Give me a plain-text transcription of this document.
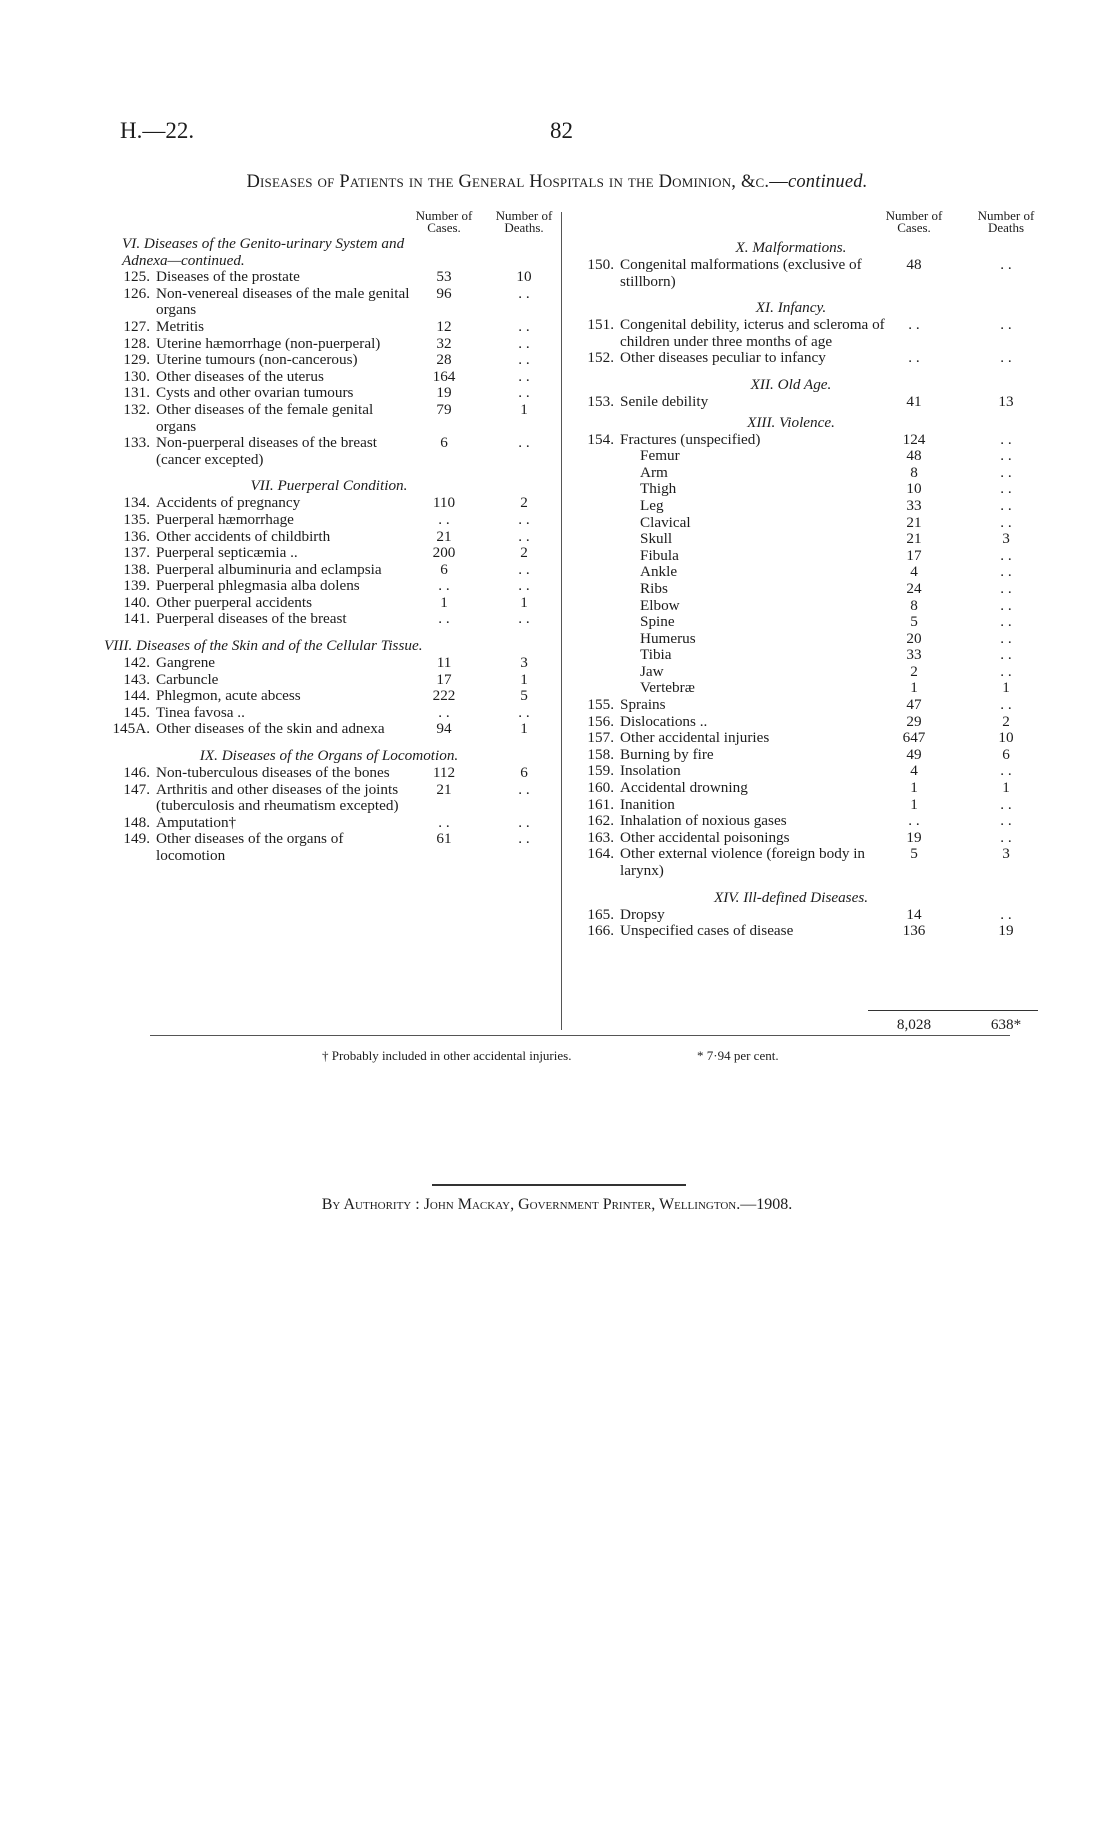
H.—22.	82
Diseases of Patients in the General Hospitals in the Dominion, &c.—continued.
Number of Cases.
Number of Deaths.
VI. Diseases of the Genito-urinary System and Adnexa—continued.
125. Diseases of the prostate	53	10
126. Non-venereal diseases of the male genital organs
96	. .
127. Metritis	12	. .
128. Uterine hæmorrhage (non-puerperal)	32	. .
129. Uterine tumours (non-cancerous)	28	. .
130. Other diseases of the uterus	164	. .
131. Cysts and other ovarian tumours	19	. .
132. Other diseases of the female genital organs
79	1
133. Non-puerperal diseases of the breast (cancer excepted)
6	. .
VII. Puerperal Condition.
134. Accidents of pregnancy	110	2
135. Puerperal hæmorrhage	. .	. .
136. Other accidents of childbirth	21	. .
137. Puerperal septicæmia ..	200	2
138. Puerperal albuminuria and eclampsia	6	. .
139. Puerperal phlegmasia alba dolens	. .	. .
140. Other puerperal accidents	1	1
141. Puerperal diseases of the breast	. .	. .
VIII. Diseases of the Skin and of the Cellular Tissue.
142. Gangrene	11	3
143. Carbuncle	17	1
144. Phlegmon, acute abcess	222	5
145. Tinea favosa ..	. .	. .
145A. Other diseases of the skin and adnexa	94	1
IX. Diseases of the Organs of Locomotion.
146. Non-tuberculous diseases of the bones	112	6
147. Arthritis and other diseases of the joints (tuberculosis and rheumatism excepted)
21	. .
148. Amputation†	. .	. .
149. Other diseases of the organs of locomotion
61	. .
Number of Cases.
Number of Deaths
X. Malformations.
150. Congenital malformations (exclusive of stillborn)
48	. .
XI. Infancy.
151. Congenital debility, icterus and scleroma of children under three months of age
. .	. .
152. Other diseases peculiar to infancy	. .	. .
XII. Old Age.
153. Senile debility	41	13
XIII. Violence.
154. Fractures (unspecified)	124	. .
Femur	48	. .
Arm	8	. .
Thigh	10	. .
Leg	33	. .
Clavical	21	. .
Skull	21	3
Fibula	17	. .
Ankle	4	. .
Ribs	24	. .
Elbow	8	. .
Spine	5	. .
Humerus	20	. .
Tibia	33	. .
Jaw	2	. .
Vertebræ	1	1
155. Sprains	47	. .
156. Dislocations ..	29	2
157. Other accidental injuries	647	10
158. Burning by fire	49	6
159. Insolation	4	. .
160. Accidental drowning	1	1
161. Inanition	1	. .
162. Inhalation of noxious gases	. .	. .
163. Other accidental poisonings	19	. .
164. Other external violence (foreign body in larynx)
5	3
XIV. Ill-defined Diseases.
165. Dropsy	14	. .
166. Unspecified cases of disease	136	19
8,028	638*
† Probably included in other accidental injuries.	* 7·94 per cent.
By Authority : John Mackay, Government Printer, Wellington.—1908.
